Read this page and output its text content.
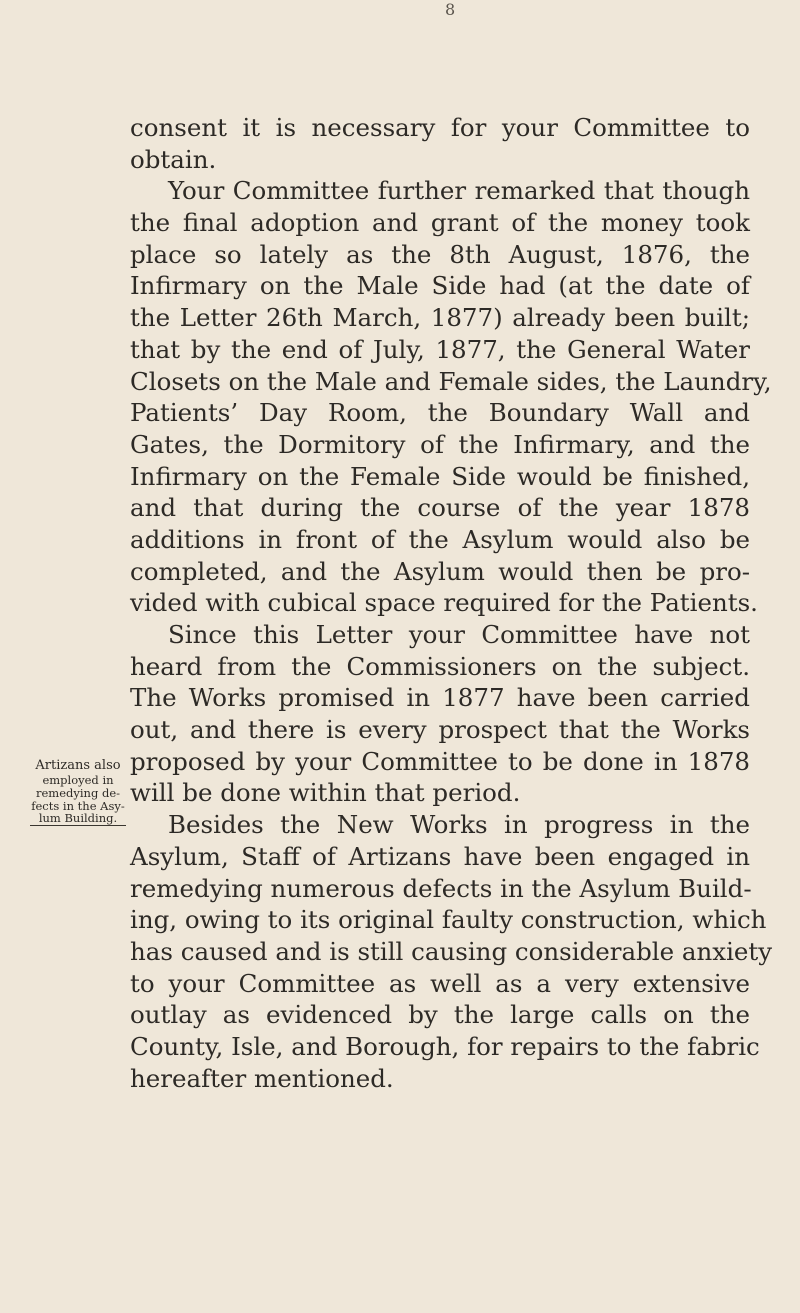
8
consent it is necessary for your Committee to
obtain.
Your Committee further remarked that though
the final adoption and grant of the money took
place so lately as the 8th August, 1876, the
Infirmary on the Male Side had (at the date of
the Letter 26th March, 1877) already been built;
that by the end of July, 1877, the General Water
Closets on the Male and Female sides, the Laundry,
Patients’ Day Room, the Boundary Wall and
Gates, the Dormitory of the Infirmary, and the
Infirmary on the Female Side would be finished,
and that during the course of the year 1878
additions in front of the Asylum would also be
completed, and the Asylum would then be pro-
vided with cubical space required for the Patients.
Since this Letter your Committee have not
heard from the Commissioners on the subject.
The Works promised in 1877 have been carried
out, and there is every prospect that the Works
proposed by your Committee to be done in 1878
will be done within that period.
Besides the New Works in progress in the
Asylum, Staff of Artizans have been engaged in
remedying numerous defects in the Asylum Build-
ing, owing to its original faulty construction, which
has caused and is still causing considerable anxiety
to your Committee as well as a very extensive
outlay as evidenced by the large calls on the
County, Isle, and Borough, for repairs to the fabric
hereafter mentioned.
Artizans also
employed in
remedying de-
fects in the Asy-
lum Building.
